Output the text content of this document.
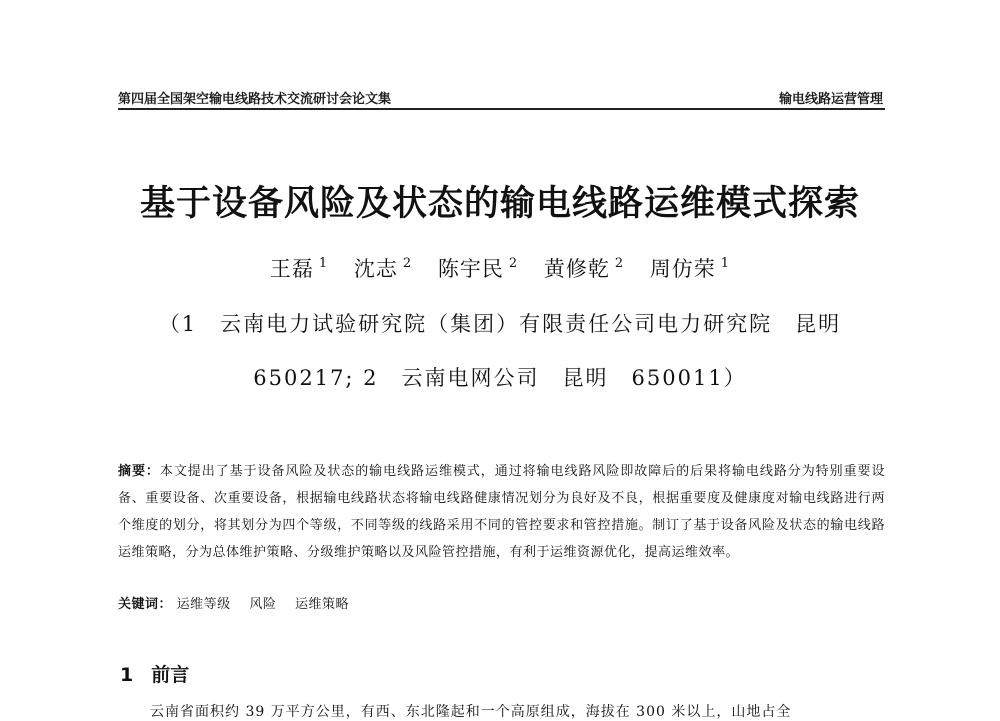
第四届全国架空输电线路技术交流研讨会论文集	输电线路运营管理
基于设备风险及状态的输电线路运维模式探索
王磊 $^1$ 沈志 $^2$ 陈宇民 $^2$ 黄修乾 $^2$ 周仿荣 $^1$
（1　云南电力试验研究院（集团）有限责任公司电力研究院　昆明
650217; 2　云南电网公司　昆明　650011）
摘要：本文提出了基于设备风险及状态的输电线路运维模式，通过将输电线路风险即故障后的后果将输电线路分为特别重要设备、重要设备、次重要设备，根据输电线路状态将输电线路健康情况划分为良好及不良，根据重要度及健康度对输电线路进行两个维度的划分，将其划分为四个等级，不同等级的线路采用不同的管控要求和管控措施。制订了基于设备风险及状态的输电线路运维策略，分为总体维护策略、分级维护策略以及风险管控措施，有利于运维资源优化，提高运维效率。
关键词： 运维等级 风险 运维策略
1 前言
云南省面积约 39 万平方公里，有西、东北隆起和一个高原组成，海拔在 300 米以上，山地占全
